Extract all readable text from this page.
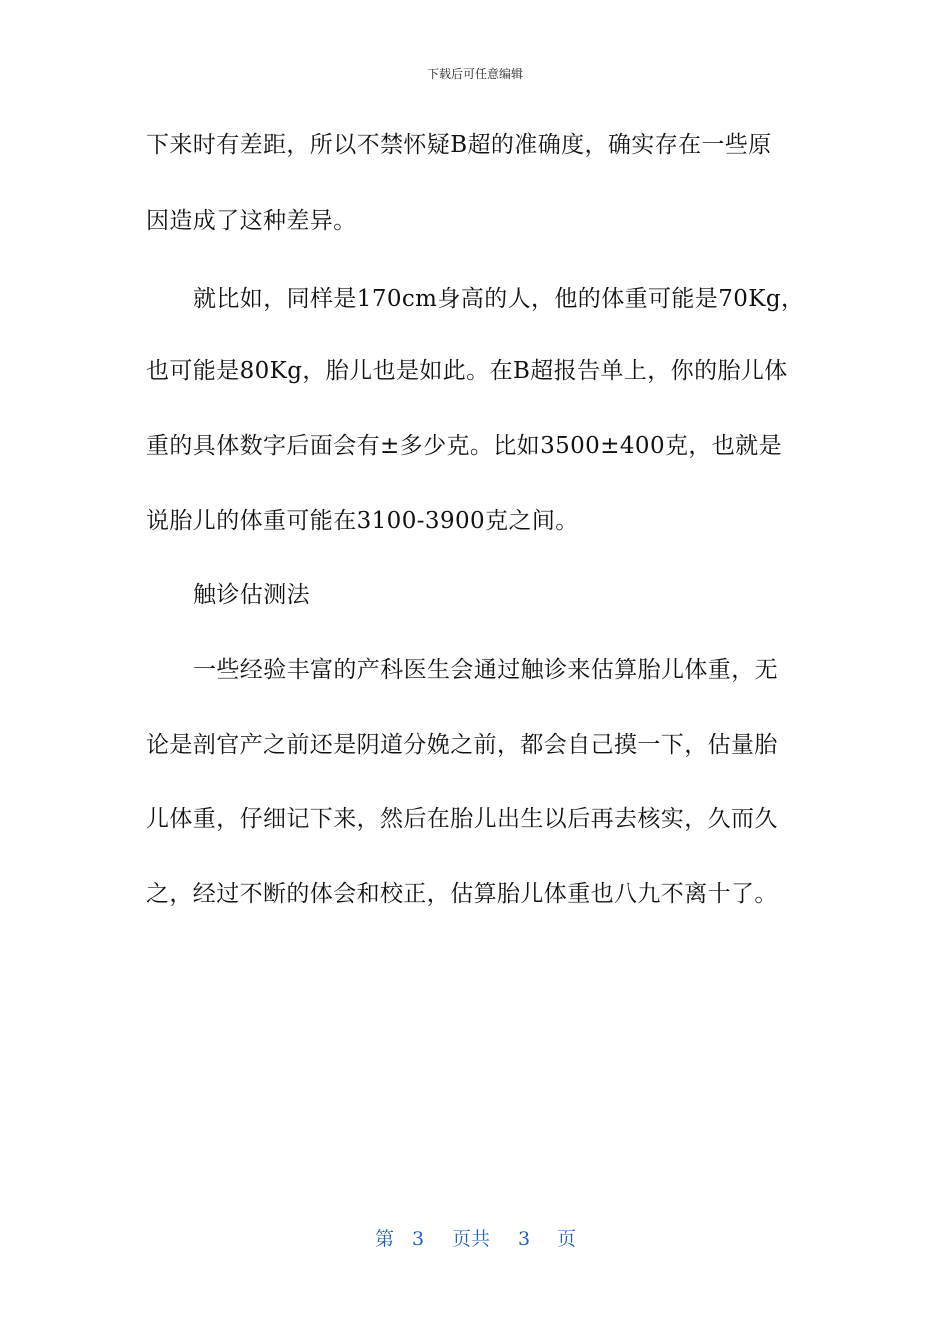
下载后可任意编辑
下来时有差距，所以不禁怀疑B超的准确度，确实存在一些原
因造成了这种差异。
就比如，同样是170cm身高的人，他的体重可能是70Kg，
也可能是80Kg，胎儿也是如此。在B超报告单上，你的胎儿体
重的具体数字后面会有±多少克。比如3500±400克，也就是
说胎儿的体重可能在3100-3900克之间。
触诊估测法
一些经验丰富的产科医生会通过触诊来估算胎儿体重，无
论是剖官产之前还是阴道分娩之前，都会自己摸一下，估量胎
儿体重，仔细记下来，然后在胎儿出生以后再去核实，久而久
之，经过不断的体会和校正，估算胎儿体重也八九不离十了。
第 3 页共 3 页
